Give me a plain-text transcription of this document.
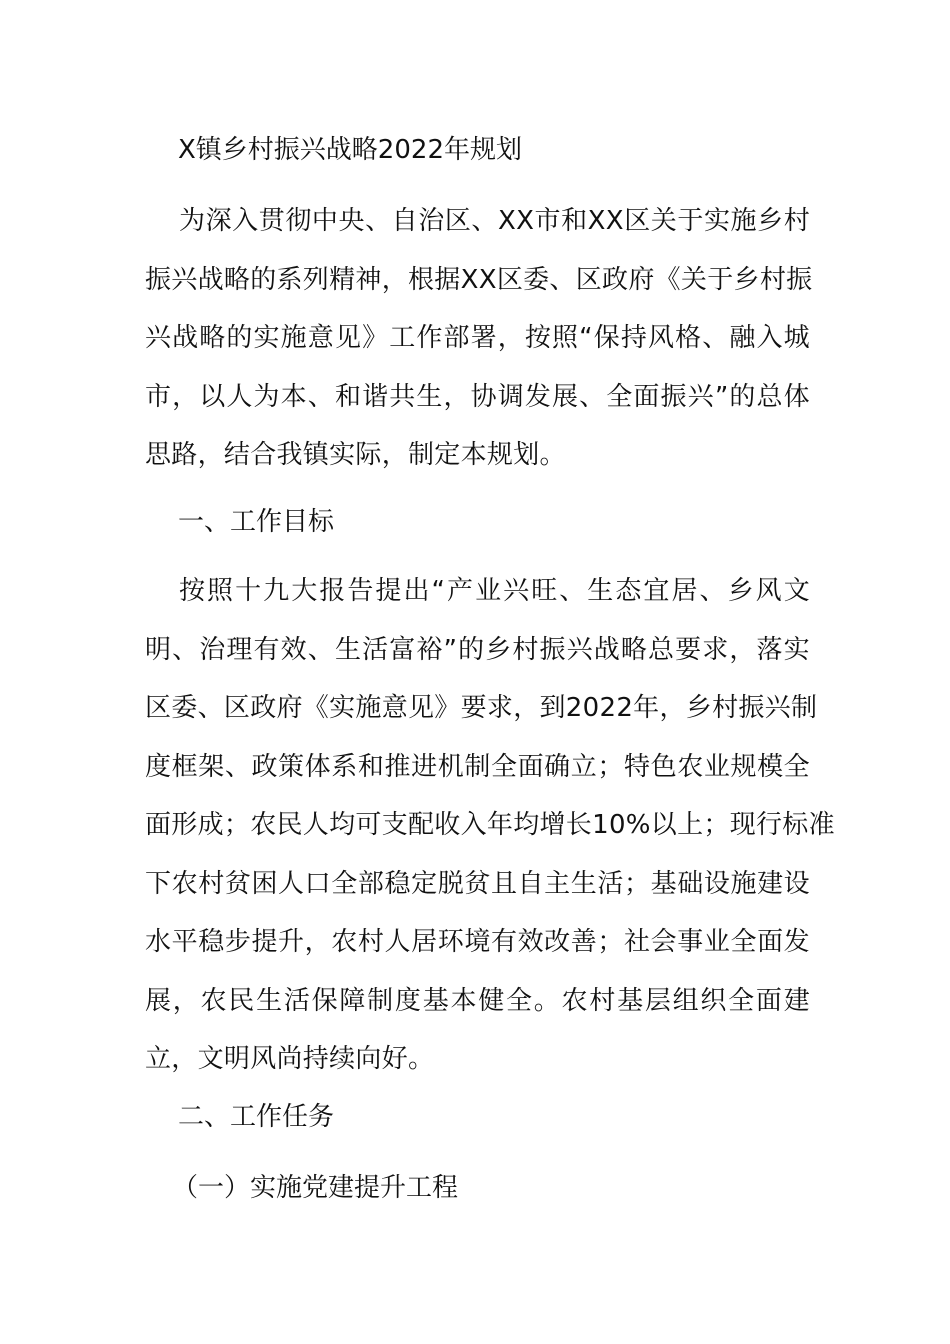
X镇乡村振兴战略2022年规划

为深入贯彻中央、自治区、XX市和XX区关于实施乡村
振兴战略的系列精神，根据XX区委、区政府《关于乡村振
兴战略的实施意见》工作部署，按照“保持风格、融入城
市，以人为本、和谐共生，协调发展、全面振兴”的总体
思路，结合我镇实际，制定本规划。

一、工作目标

按照十九大报告提出“产业兴旺、生态宜居、乡风文
明、治理有效、生活富裕”的乡村振兴战略总要求，落实
区委、区政府《实施意见》要求，到2022年，乡村振兴制
度框架、政策体系和推进机制全面确立；特色农业规模全
面形成；农民人均可支配收入年均增长10%以上；现行标准
下农村贫困人口全部稳定脱贫且自主生活；基础设施建设
水平稳步提升，农村人居环境有效改善；社会事业全面发
展，农民生活保障制度基本健全。农村基层组织全面建
立，文明风尚持续向好。

二、工作任务

（一）实施党建提升工程
